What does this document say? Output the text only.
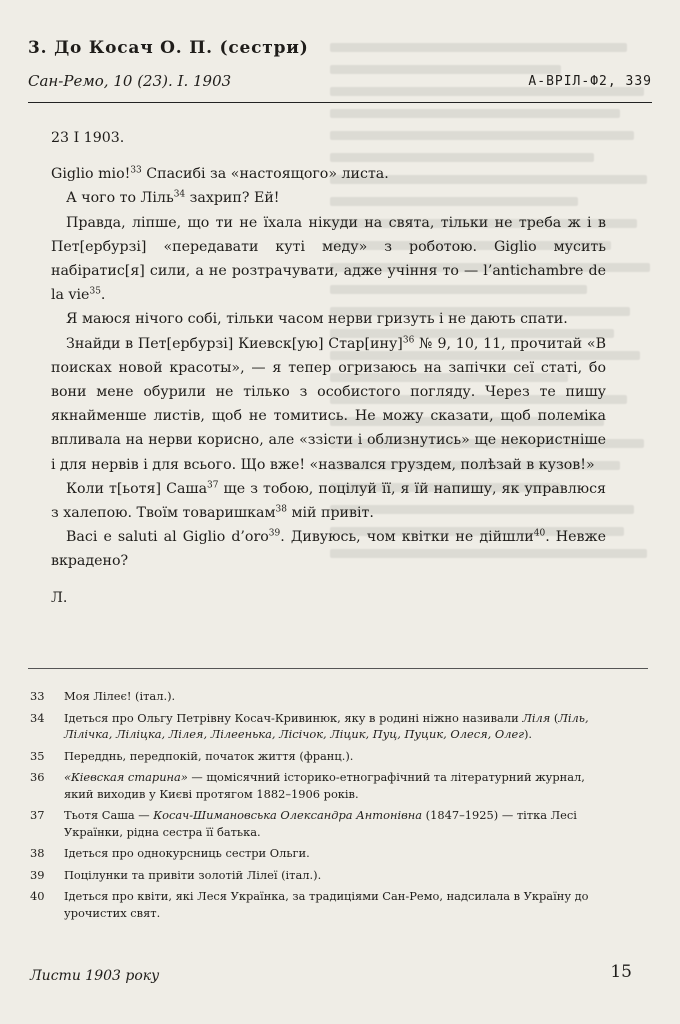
3. До Косач О. П. (сестри)
Сан-Ремо, 10 (23). I. 1903	А-ВРІЛ-Ф2, 339

23 I 1903.

Giglio mio!$^{33}$ Спасибі за «настоящого» листа.

А чого то Ліль$^{34}$ захрип? Ей!

Правда, ліпше, що ти не їхала нікуди на свята, тільки не треба ж і в Пет[ербурзі] «передавати куті меду» з роботою. Giglio мусить набіратис[я] сили, а не розтрачувати, адже учіння то — l’antichambre de la vie$^{35}$.

Я маюся нічого собі, тільки часом нерви гризуть і не дають спати.

Знайди в Пет[ербурзі] Киевск[ую] Стар[ину]$^{36}$ № 9, 10, 11, прочитай «В поисках новой красоты», — я тепер огризаюсь на запічки сеї статі, бо вони мене обурили не тілько з особистого погляду. Через те пишу якнайменше листів, щоб не томитись. Не можу сказати, щоб полеміка впливала на нерви корисно, але «ззісти і облизнутись» ще некористніше і для нервів і для всього. Що вже! «назвался груздем, полѣзай в кузов!»

Коли т[ьотя] Саша$^{37}$ ще з тобою, поцілуй її, я їй напишу, як управлюся з халепою. Твоїм товаришкам$^{38}$ мій привіт.

Baci e saluti al Giglio d’oro$^{39}$. Дивуюсь, чом квітки не дійшли$^{40}$. Невже вкрадено?

Л.

33	Моя Лілеє! (італ.).
34	Ідеться про Ольгу Петрівну Косач-Кривинюк, яку в родині ніжно називали Ліля (Ліль, Лілічка, Ліліцка, Лілея, Лілеенька, Лісічок, Ліцик, Пуц, Пуцик, Олеся, Олег).
35	Передднь, передпокій, початок життя (франц.).
36	«Кіевская старина» — щомісячний історико-етнографічний та літературний журнал, який виходив у Києві протягом 1882–1906 років.
37	Тьотя Саша — Косач-Шимановська Олександра Антонівна (1847–1925) — тітка Лесі Українки, рідна сестра її батька.
38	Ідеться про однокурсниць сестри Ольги.
39	Поцілунки та привіти золотій Лілеї (італ.).
40	Ідеться про квіти, які Леся Українка, за традиціями Сан-Ремо, надсилала в Україну до урочистих свят.
Листи 1903 року	15
